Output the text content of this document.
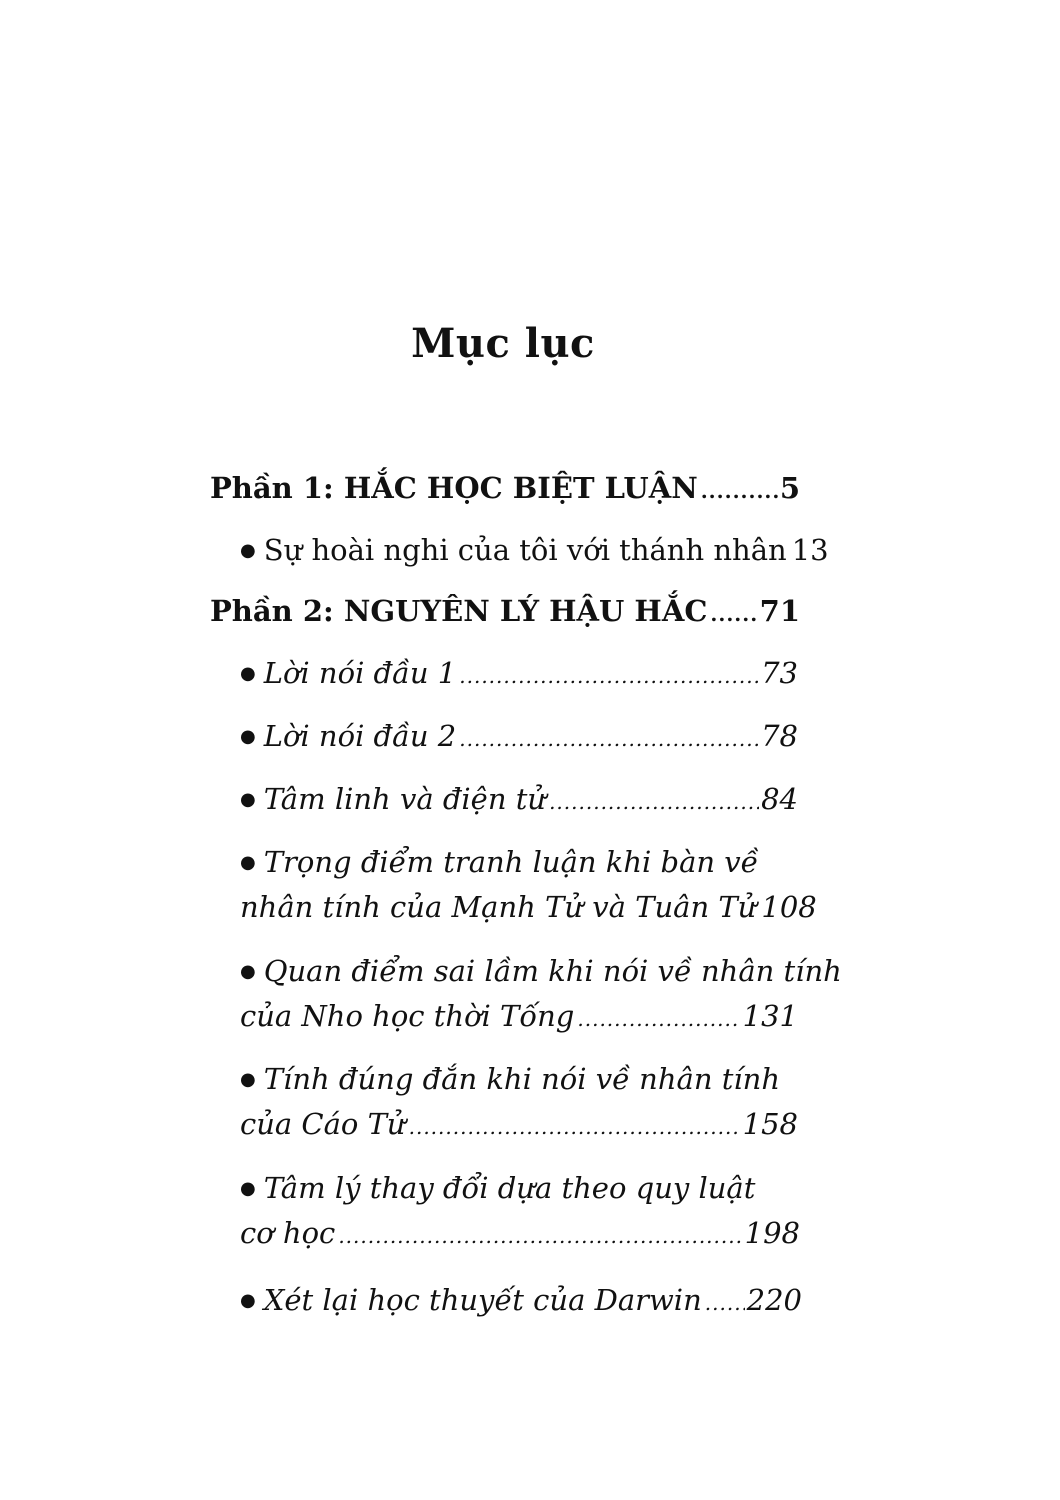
Mục lục
Phần 1: HẮC HỌC BIỆT LUẬN .....	5
● Sự hoài nghi của tôi với thánh nhân 13
Phần 2: NGUYÊN LÝ HẬU HẮC ..... 71
● Lời nói đầu 1 .....	73
● Lời nói đầu 2 .....	78
● Tâm linh và điện tử .....	84
● Trọng điểm tranh luận khi bàn về
nhân tính của Mạnh Tử và Tuân Tử 108
● Quan điểm sai lầm khi nói về nhân tính
của Nho học thời Tống .....	131
● Tính đúng đắn khi nói về nhân tính
của Cáo Tử .....	158
● Tâm lý thay đổi dựa theo quy luật
cơ học .....	198
● Xét lại học thuyết của Darwin ..... 220
